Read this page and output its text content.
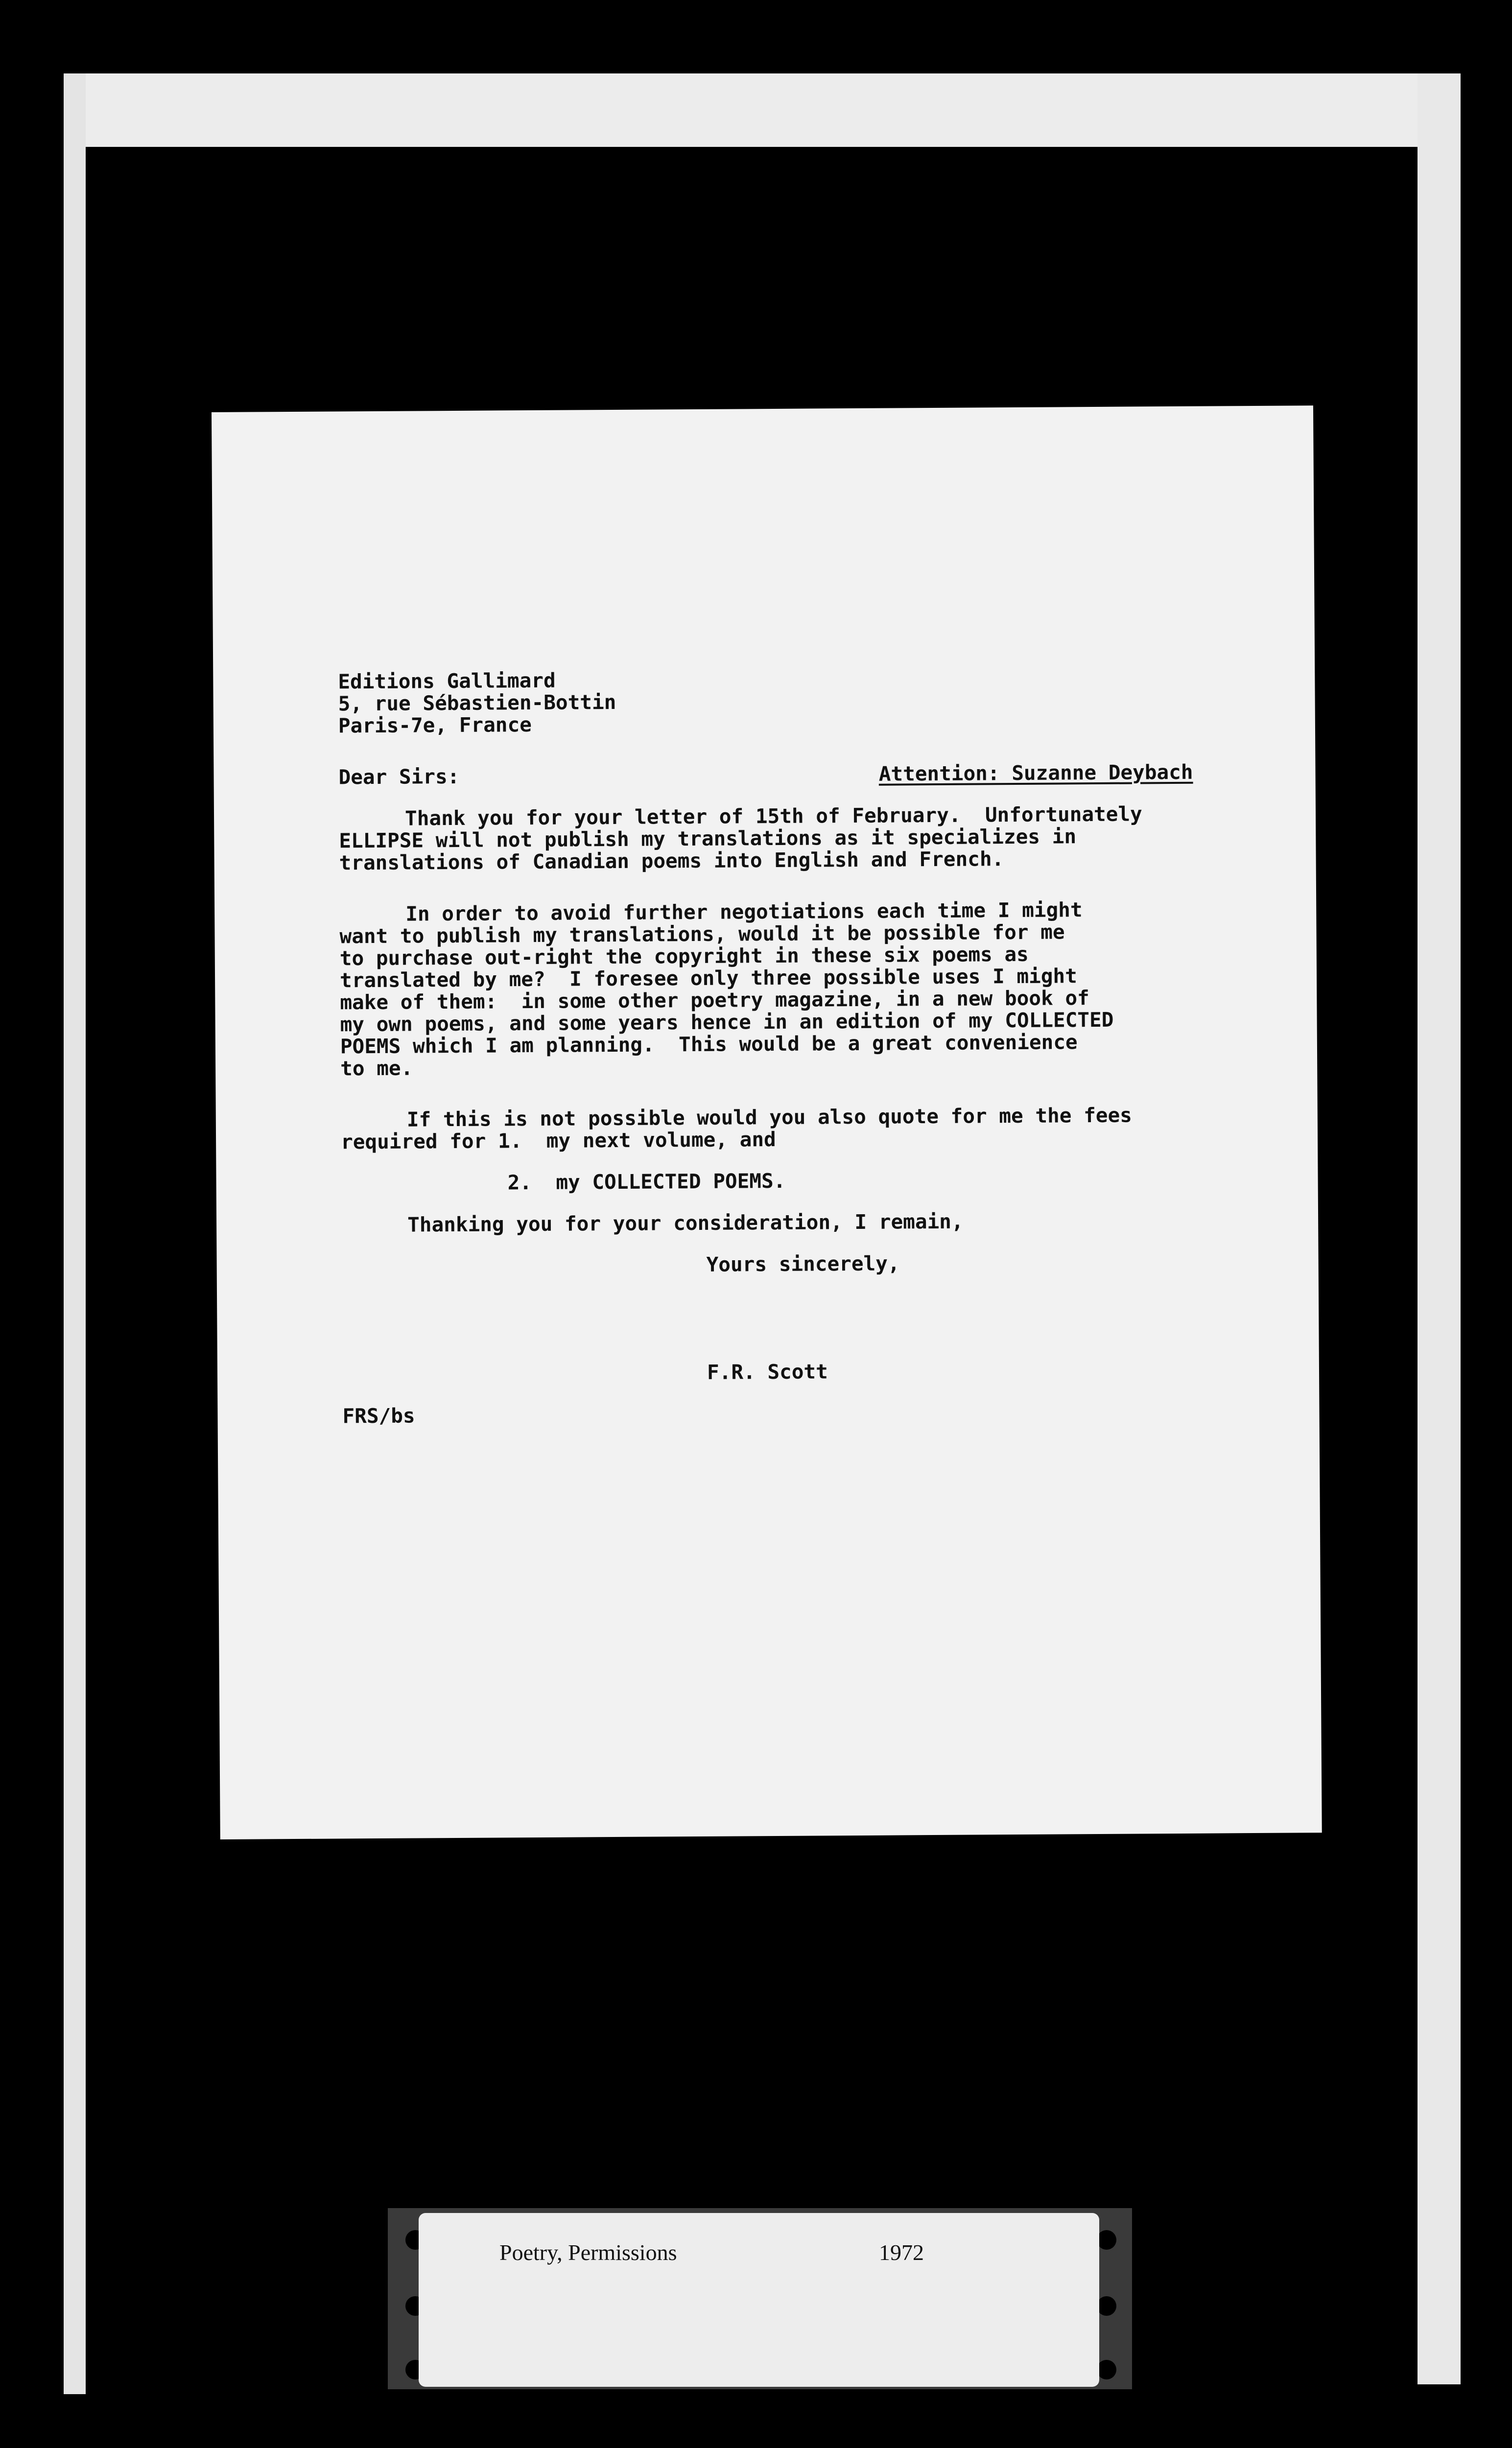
Editions Gallimard
5, rue Sébastien-Bottin
Paris-7e, France
Dear Sirs:	Attention: Suzanne Deybach
Thank you for your letter of 15th of February.  Unfortunately
ELLIPSE will not publish my translations as it specializes in
translations of Canadian poems into English and French.
In order to avoid further negotiations each time I might
want to publish my translations, would it be possible for me
to purchase out-right the copyright in these six poems as
translated by me?  I foresee only three possible uses I might
make of them:  in some other poetry magazine, in a new book of
my own poems, and some years hence in an edition of my COLLECTED
POEMS which I am planning.  This would be a great convenience
to me.
If this is not possible would you also quote for me the fees
required for 1.  my next volume, and
2.  my COLLECTED POEMS.
Thanking you for your consideration, I remain,
Yours sincerely,
F.R. Scott
FRS/bs
Poetry, Permissions	1972
